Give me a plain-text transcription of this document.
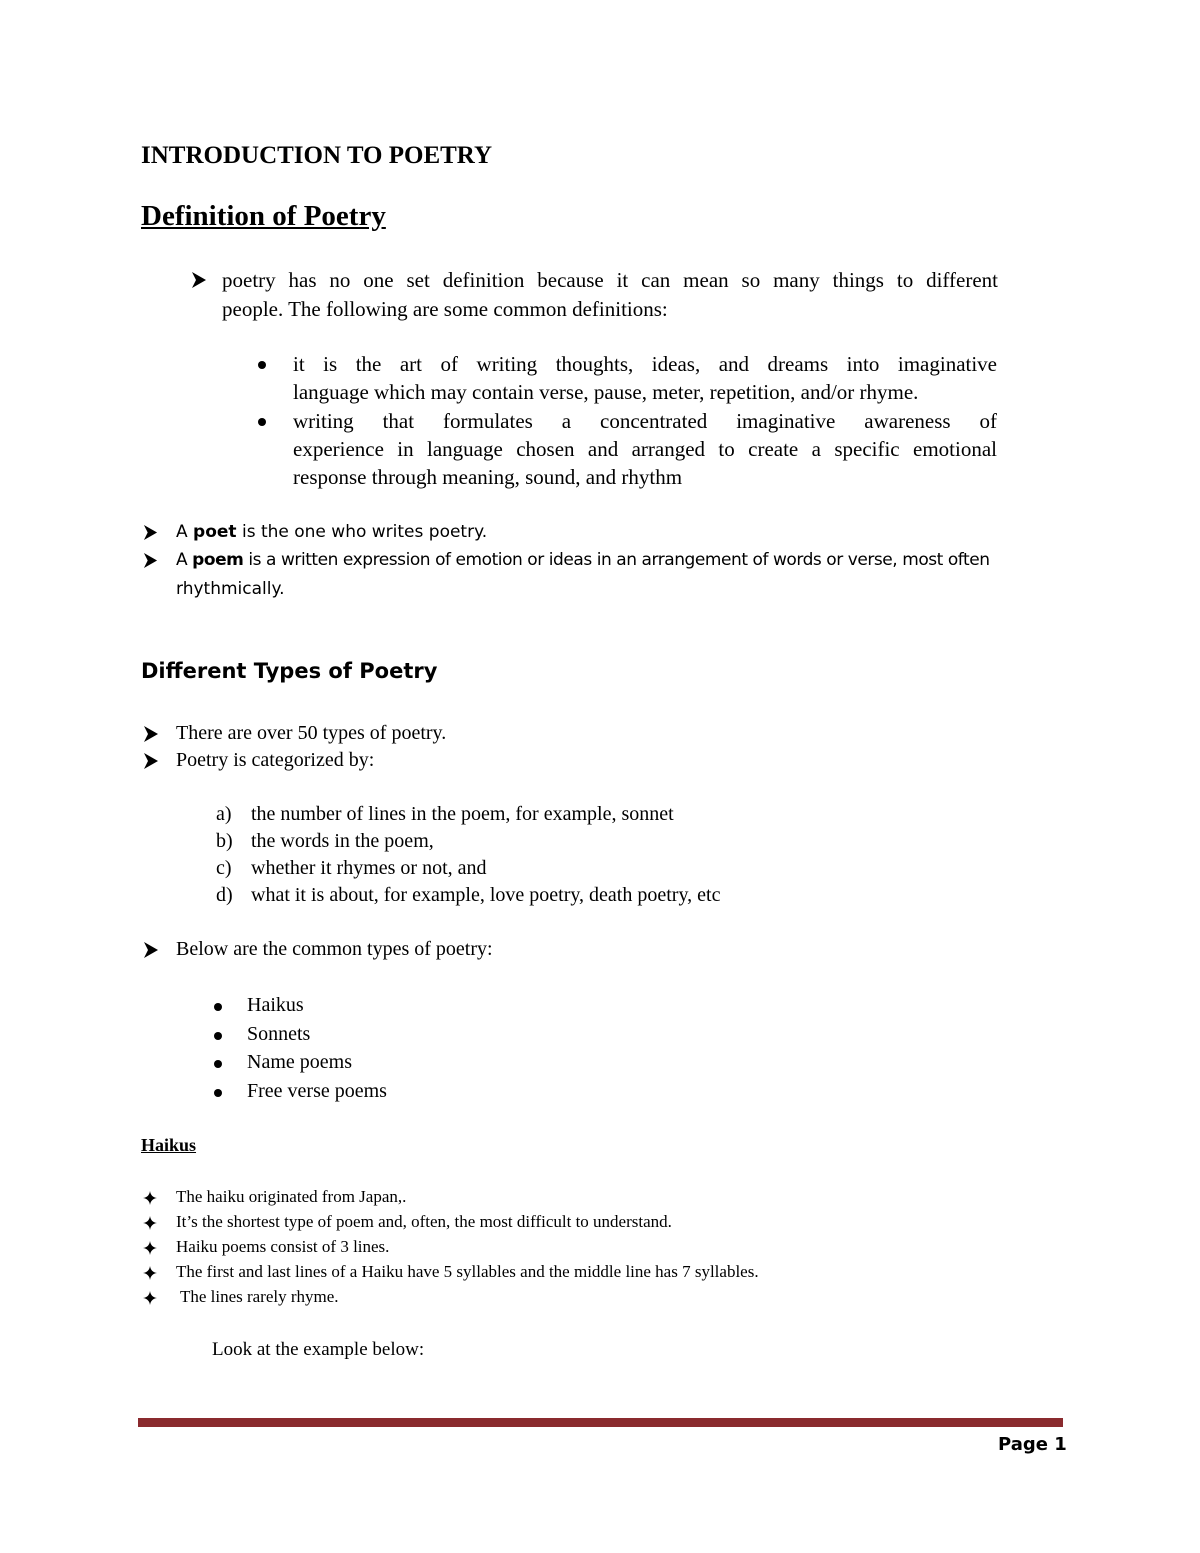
INTRODUCTION TO POETRY
Definition of Poetry
poetry has no one set definition because it can mean so many things to different
people. The following are some common definitions:
it is the art of writing thoughts, ideas, and dreams into imaginative
language which may contain verse, pause, meter, repetition, and/or rhyme.
writing that formulates a concentrated imaginative awareness of
experience in language chosen and arranged to create a specific emotional
response through meaning, sound, and rhythm
A poet is the one who writes poetry.
A poem is a written expression of emotion or ideas in an arrangement of words or verse, most often
rhythmically.
Different Types of Poetry
There are over 50 types of poetry.
Poetry is categorized by:
a) the number of lines in the poem, for example, sonnet
b) the words in the poem,
c) whether it rhymes or not, and
d) what it is about, for example, love poetry, death poetry, etc
Below are the common types of poetry:
Haikus
Sonnets
Name poems
Free verse poems
Haikus
The haiku originated from Japan,.
It’s the shortest type of poem and, often, the most difficult to understand.
Haiku poems consist of 3 lines.
The first and last lines of a Haiku have 5 syllables and the middle line has 7 syllables.
The lines rarely rhyme.
Look at the example below:
Page 1
